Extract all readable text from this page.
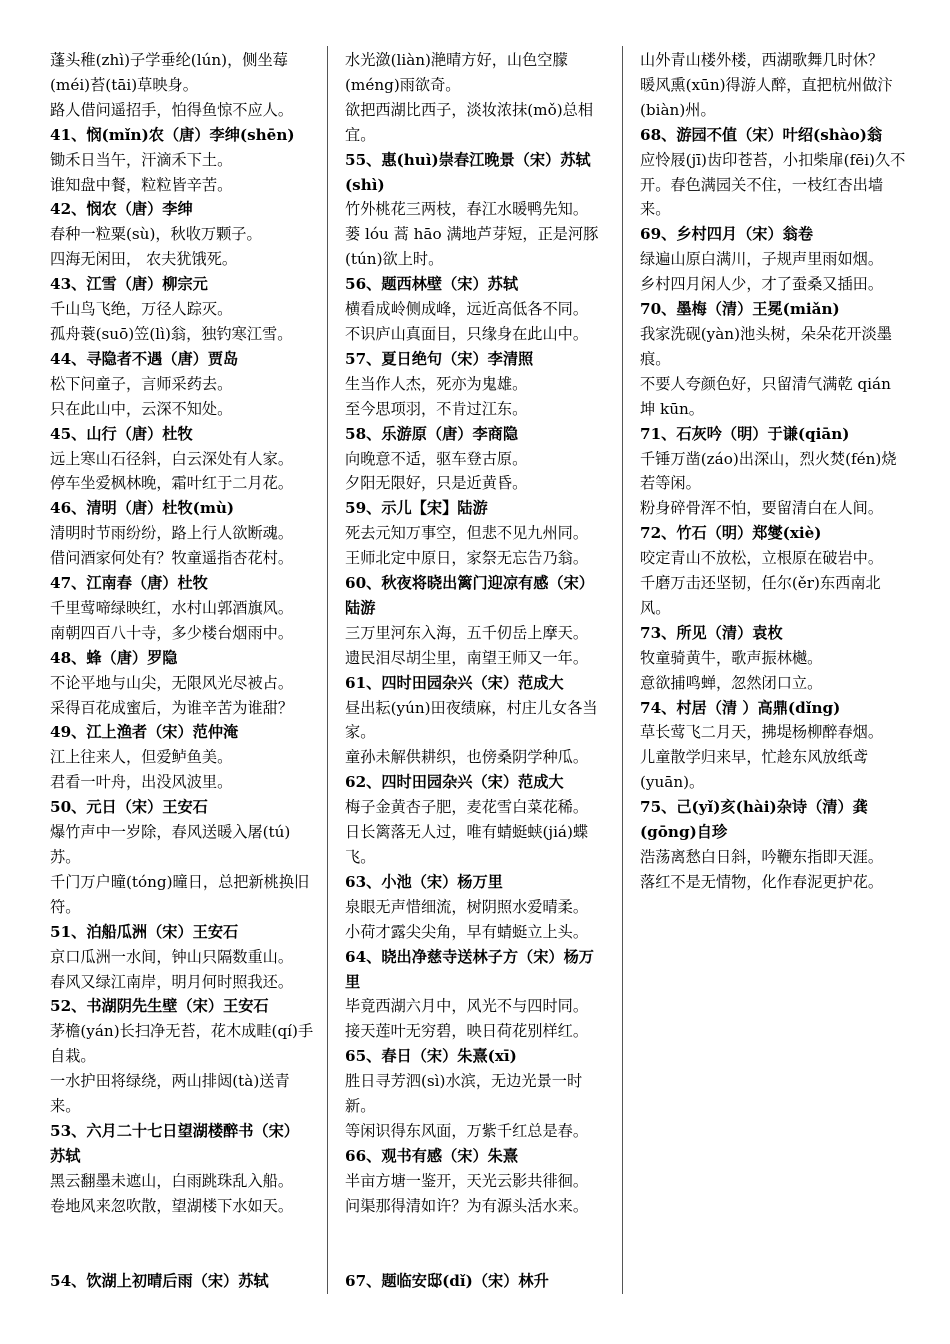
蓬头稚(zhì)子学垂纶(lún)，侧坐莓(méi)苔(tāi)草映身。

路人借问遥招手，怕得鱼惊不应人。

41、悯(mǐn)农（唐）李绅(shēn)

锄禾日当午，汗滴禾下土。

谁知盘中餐，粒粒皆辛苦。

42、悯农（唐）李绅

春种一粒粟(sù)，秋收万颗子。

四海无闲田， 农夫犹饿死。

43、江雪（唐）柳宗元

千山鸟飞绝，万径人踪灭。

孤舟蓑(suō)笠(lì)翁，独钓寒江雪。

44、寻隐者不遇（唐）贾岛

松下问童子，言师采药去。

只在此山中，云深不知处。

45、山行（唐）杜牧

远上寒山石径斜，白云深处有人家。

停车坐爱枫林晚，霜叶红于二月花。

46、清明（唐）杜牧(mù)

清明时节雨纷纷，路上行人欲断魂。

借问酒家何处有？牧童遥指杏花村。

47、江南春（唐）杜牧

千里莺啼绿映红，水村山郭酒旗风。

南朝四百八十寺，多少楼台烟雨中。

48、蜂（唐）罗隐

不论平地与山尖，无限风光尽被占。

采得百花成蜜后，为谁辛苦为谁甜？

49、江上渔者（宋）范仲淹

江上往来人，但爱鲈鱼美。

君看一叶舟，出没风波里。

50、元日（宋）王安石

爆竹声中一岁除，春风送暖入屠(tú)苏。

千门万户曈(tóng)曈日，总把新桃换旧符。

51、泊船瓜洲（宋）王安石

京口瓜洲一水间，钟山只隔数重山。

春风又绿江南岸，明月何时照我还。

52、书湖阴先生壁（宋）王安石

茅檐(yán)长扫净无苔，花木成畦(qí)手自栽。

一水护田将绿绕，两山排闼(tà)送青来。

53、六月二十七日望湖楼醉书（宋）苏轼

黑云翻墨未遮山，白雨跳珠乱入船。

卷地风来忽吹散，望湖楼下水如天。

水光潋(liàn)滟晴方好，山色空朦(méng)雨欲奇。

欲把西湖比西子，淡妆浓抹(mǒ)总相宜。

55、惠(huì)崇春江晚景（宋）苏轼(shì)

竹外桃花三两枝，春江水暖鸭先知。

蒌 lóu 蒿 hāo 满地芦芽短，正是河豚(tún)欲上时。

56、题西林壁（宋）苏轼

横看成岭侧成峰，远近高低各不同。

不识庐山真面目，只缘身在此山中。

57、夏日绝句（宋）李清照

生当作人杰，死亦为鬼雄。

至今思项羽，不肯过江东。

58、乐游原（唐）李商隐

向晚意不适，驱车登古原。

夕阳无限好，只是近黄昏。

59、示儿【宋】陆游

死去元知万事空，但悲不见九州同。

王师北定中原日，家祭无忘告乃翁。

60、秋夜将晓出篱门迎凉有感（宋）陆游

三万里河东入海，五千仞岳上摩天。

遗民泪尽胡尘里，南望王师又一年。

61、四时田园杂兴（宋）范成大

昼出耘(yún)田夜绩麻，村庄儿女各当家。

童孙未解供耕织，也傍桑阴学种瓜。

62、四时田园杂兴（宋）范成大

梅子金黄杏子肥，麦花雪白菜花稀。

日长篱落无人过，唯有蜻蜓蛱(jiá)蝶飞。

63、小池（宋）杨万里

泉眼无声惜细流，树阴照水爱晴柔。

小荷才露尖尖角，早有蜻蜓立上头。

64、晓出净慈寺送林子方（宋）杨万里

毕竟西湖六月中，风光不与四时同。

接天莲叶无穷碧，映日荷花别样红。

65、春日（宋）朱熹(xī)

胜日寻芳泗(sì)水滨，无边光景一时新。

等闲识得东风面，万紫千红总是春。

66、观书有感（宋）朱熹

半亩方塘一鉴开，天光云影共徘徊。

问渠那得清如许？为有源头活水来。

山外青山楼外楼，西湖歌舞几时休？

暖风熏(xūn)得游人醉，直把杭州做汴(biàn)州。

68、游园不值（宋）叶绍(shào)翁

应怜屐(jī)齿印苍苔，小扣柴扉(fēi)久不开。春色满园关不住，一枝红杏出墙来。

69、乡村四月（宋）翁卷

绿遍山原白满川，子规声里雨如烟。

乡村四月闲人少，才了蚕桑又插田。

70、墨梅（清）王冕(miǎn)

我家洗砚(yàn)池头树，朵朵花开淡墨痕。

不要人夸颜色好，只留清气满乾 qián 坤 kūn。

71、石灰吟（明）于谦(qiān)

千锤万凿(záo)出深山，烈火焚(fén)烧若等闲。

粉身碎骨浑不怕，要留清白在人间。

72、竹石（明）郑燮(xiè)

咬定青山不放松，立根原在破岩中。

千磨万击还坚韧，任尔(ěr)东西南北风。

73、所见（清）袁枚

牧童骑黄牛，歌声振林樾。

意欲捕鸣蝉，忽然闭口立。

74、村居（清 ）高鼎(dǐng)

草长莺飞二月天，拂堤杨柳醉春烟。

儿童散学归来早，忙趁东风放纸鸢(yuān)。

75、己(yǐ)亥(hài)杂诗（清）龚(gōng)自珍

浩荡离愁白日斜，吟鞭东指即天涯。

落红不是无情物，化作春泥更护花。

54、饮湖上初晴后雨（宋）苏轼	67、题临安邸(dǐ)（宋）林升
